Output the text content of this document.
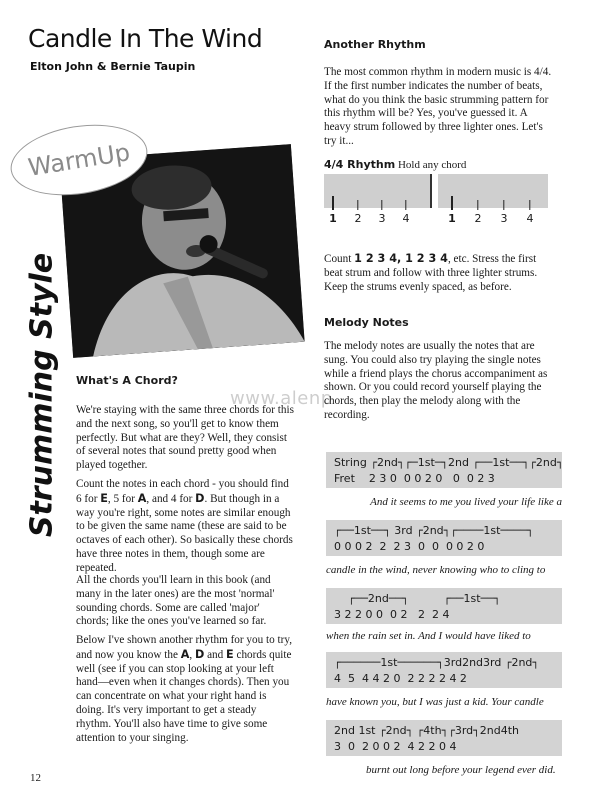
Candle In The Wind
Elton John & Bernie Taupin
WarmUp
Strumming Style	www.alenp
What's A Chord?

We're staying with the same three chords for this and the next song, so you'll get to know them perfectly. But what are they? Well, they consist of several notes that sound pretty good when played together.

Count the notes in each chord - you should find 6 for E, 5 for A, and 4 for D. But though in a way you're right, some notes are similar enough to be given the same name (these are said to be octaves of each other). So basically these chords have three notes in them, though some are repeated.

All the chords you'll learn in this book (and many in the later ones) are the most 'normal' sounding chords. Some are called 'major' chords; like the ones you've learned so far.

Below I've shown another rhythm for you to try, and now you know the A, D and E chords quite well (see if you can stop looking at your left hand—even when it changes chords). Then you can concentrate on what your right hand is doing. It's very important to get a steady rhythm. You'll also have time to give some attention to your singing.

Another Rhythm

The most common rhythm in modern music is 4/4. If the first number indicates the number of beats, what do you think the basic strumming pattern for this rhythm will be? Yes, you've guessed it. A heavy strum followed by three lighter ones. Let's try it...

4/4 Rhythm Hold any chord
1 2 3 4	1 2 3 4

Count 1 2 3 4, 1 2 3 4, etc. Stress the first beat strum and follow with three lighter strums. Keep the strums evenly spaced, as before.

Melody Notes

The melody notes are usually the notes that are sung. You could also try playing the single notes while a friend plays the chorus accompaniment as shown. Or you could record yourself playing the chords, then play the melody along with the recording.

String ┌2nd┐┌─1st─┐2nd ┌──1st──┐┌2nd┐
Fret    2 3 0  0 0 2 0   0  0 2 3
And it seems to me you lived your life like a
┌──1st──┐ 3rd ┌2nd┐┌────1st────┐
0 0 0 2  2  2 3  0  0  0 0 2 0
candle in the wind, never knowing who to cling to
┌──2nd──┐          ┌──1st──┐
3 2 2 0 0  0 2   2  2 4
when the rain set in. And I would have liked to
┌──────1st──────┐3rd2nd3rd ┌2nd┐
4  5  4 4 2 0  2 2 2 2 4 2
have known you, but I was just a kid. Your candle
2nd 1st ┌2nd┐ ┌4th┐┌3rd┐2nd4th
3  0  2 0 0 2  4 2 2 0 4
burnt out long before your legend ever did.
12
